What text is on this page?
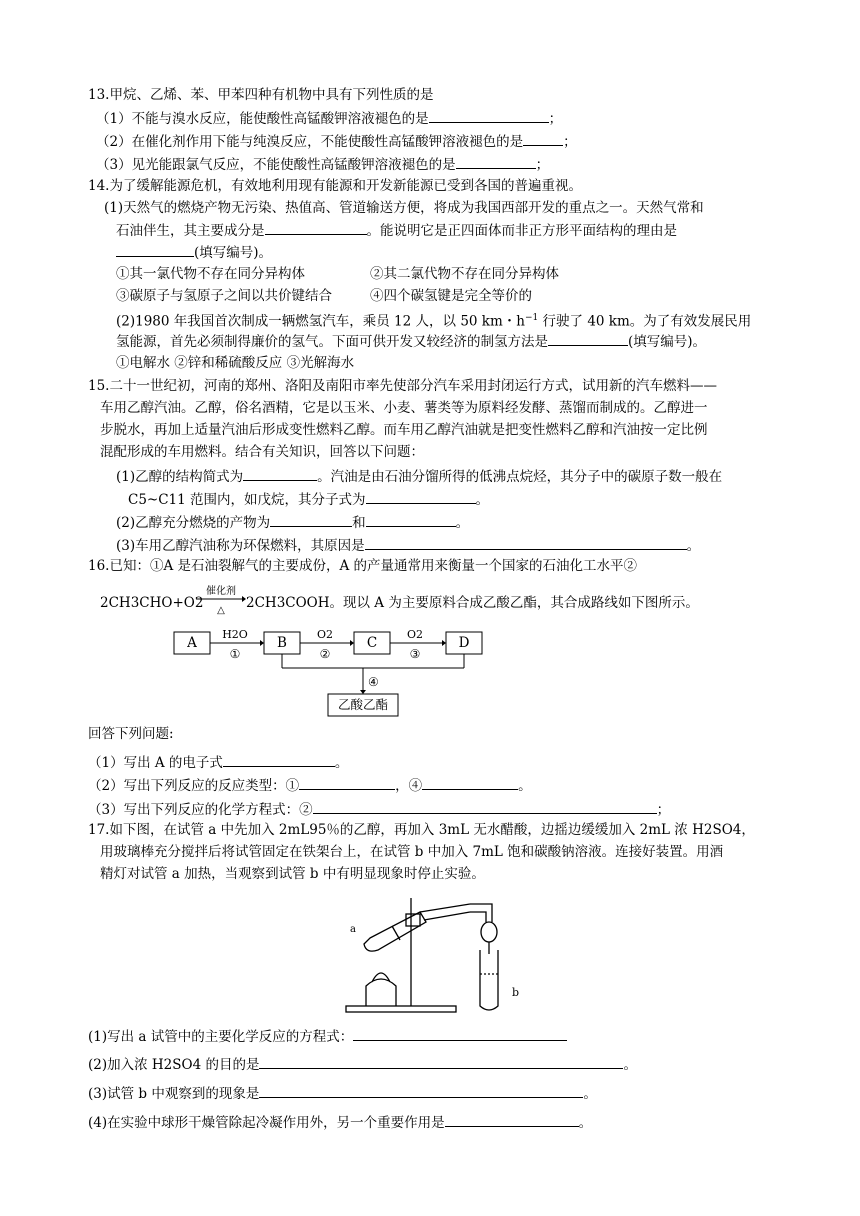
13.甲烷、乙烯、苯、甲苯四种有机物中具有下列性质的是
（1）不能与溴水反应，能使酸性高锰酸钾溶液褪色的是	；
（2）在催化剂作用下能与纯溴反应，不能使酸性高锰酸钾溶液褪色的是	；
（3）见光能跟氯气反应，不能使酸性高锰酸钾溶液褪色的是	；
14.为了缓解能源危机，有效地利用现有能源和开发新能源已受到各国的普遍重视。
(1)天然气的燃烧产物无污染、热值高、管道输送方便，将成为我国西部开发的重点之一。天然气常和
石油伴生，其主要成分是	。能说明它是正四面体而非正方形平面结构的理由是
(填写编号)。
①其一氯代物不存在同分异构体	②其二氯代物不存在同分异构体
③碳原子与氢原子之间以共价键结合	④四个碳氢键是完全等价的
(2)1980 年我国首次制成一辆燃氢汽车，乘员 12 人，以 50 km・$h^{-1}$ 行驶了 40 km。为了有效发展民用
氢能源，首先必须制得廉价的氢气。下面可供开发又较经济的制氢方法是	(填写编号)。
①电解水 ②锌和稀硫酸反应 ③光解海水
15.二十一世纪初，河南的郑州、洛阳及南阳市率先使部分汽车采用封闭运行方式，试用新的汽车燃料——
车用乙醇汽油。乙醇，俗名酒精，它是以玉米、小麦、薯类等为原料经发酵、蒸馏而制成的。乙醇进一
步脱水，再加上适量汽油后形成变性燃料乙醇。而车用乙醇汽油就是把变性燃料乙醇和汽油按一定比例
混配形成的车用燃料。结合有关知识，回答以下问题：
(1)乙醇的结构简式为	。汽油是由石油分馏所得的低沸点烷烃，其分子中的碳原子数一般在
C5~C11 范围内，如戊烷，其分子式为	。
(2)乙醇充分燃烧的产物为	和	。
(3)车用乙醇汽油称为环保燃料，其原因是	。
16.已知：①A 是石油裂解气的主要成份，A 的产量通常用来衡量一个国家的石油化工水平②
2CH3CHO+O2
催化剂
△	2CH3COOH。现以 A 为主要原料合成乙酸乙酯，其合成路线如下图所示。
A	B	C	D
乙酸乙酯
H2O	O2	O2
①	②	③
④
回答下列问题:
（1）写出 A 的电子式	。
（2）写出下列反应的反应类型：①	，④	。
（3）写出下列反应的化学方程式：②	；
17.如下图，在试管 a 中先加入 2mL95％的乙醇，再加入 3mL 无水醋酸，边摇边缓缓加入 2mL 浓 H2SO4，
用玻璃棒充分搅拌后将试管固定在铁架台上，在试管 b 中加入 7mL 饱和碳酸钠溶液。连接好装置。用酒
精灯对试管 a 加热，当观察到试管 b 中有明显现象时停止实验。
a
b
(1)写出 a 试管中的主要化学反应的方程式：
(2)加入浓 H2SO4 的目的是	。
(3)试管 b 中观察到的现象是	。
(4)在实验中球形干燥管除起冷凝作用外，另一个重要作用是	。
